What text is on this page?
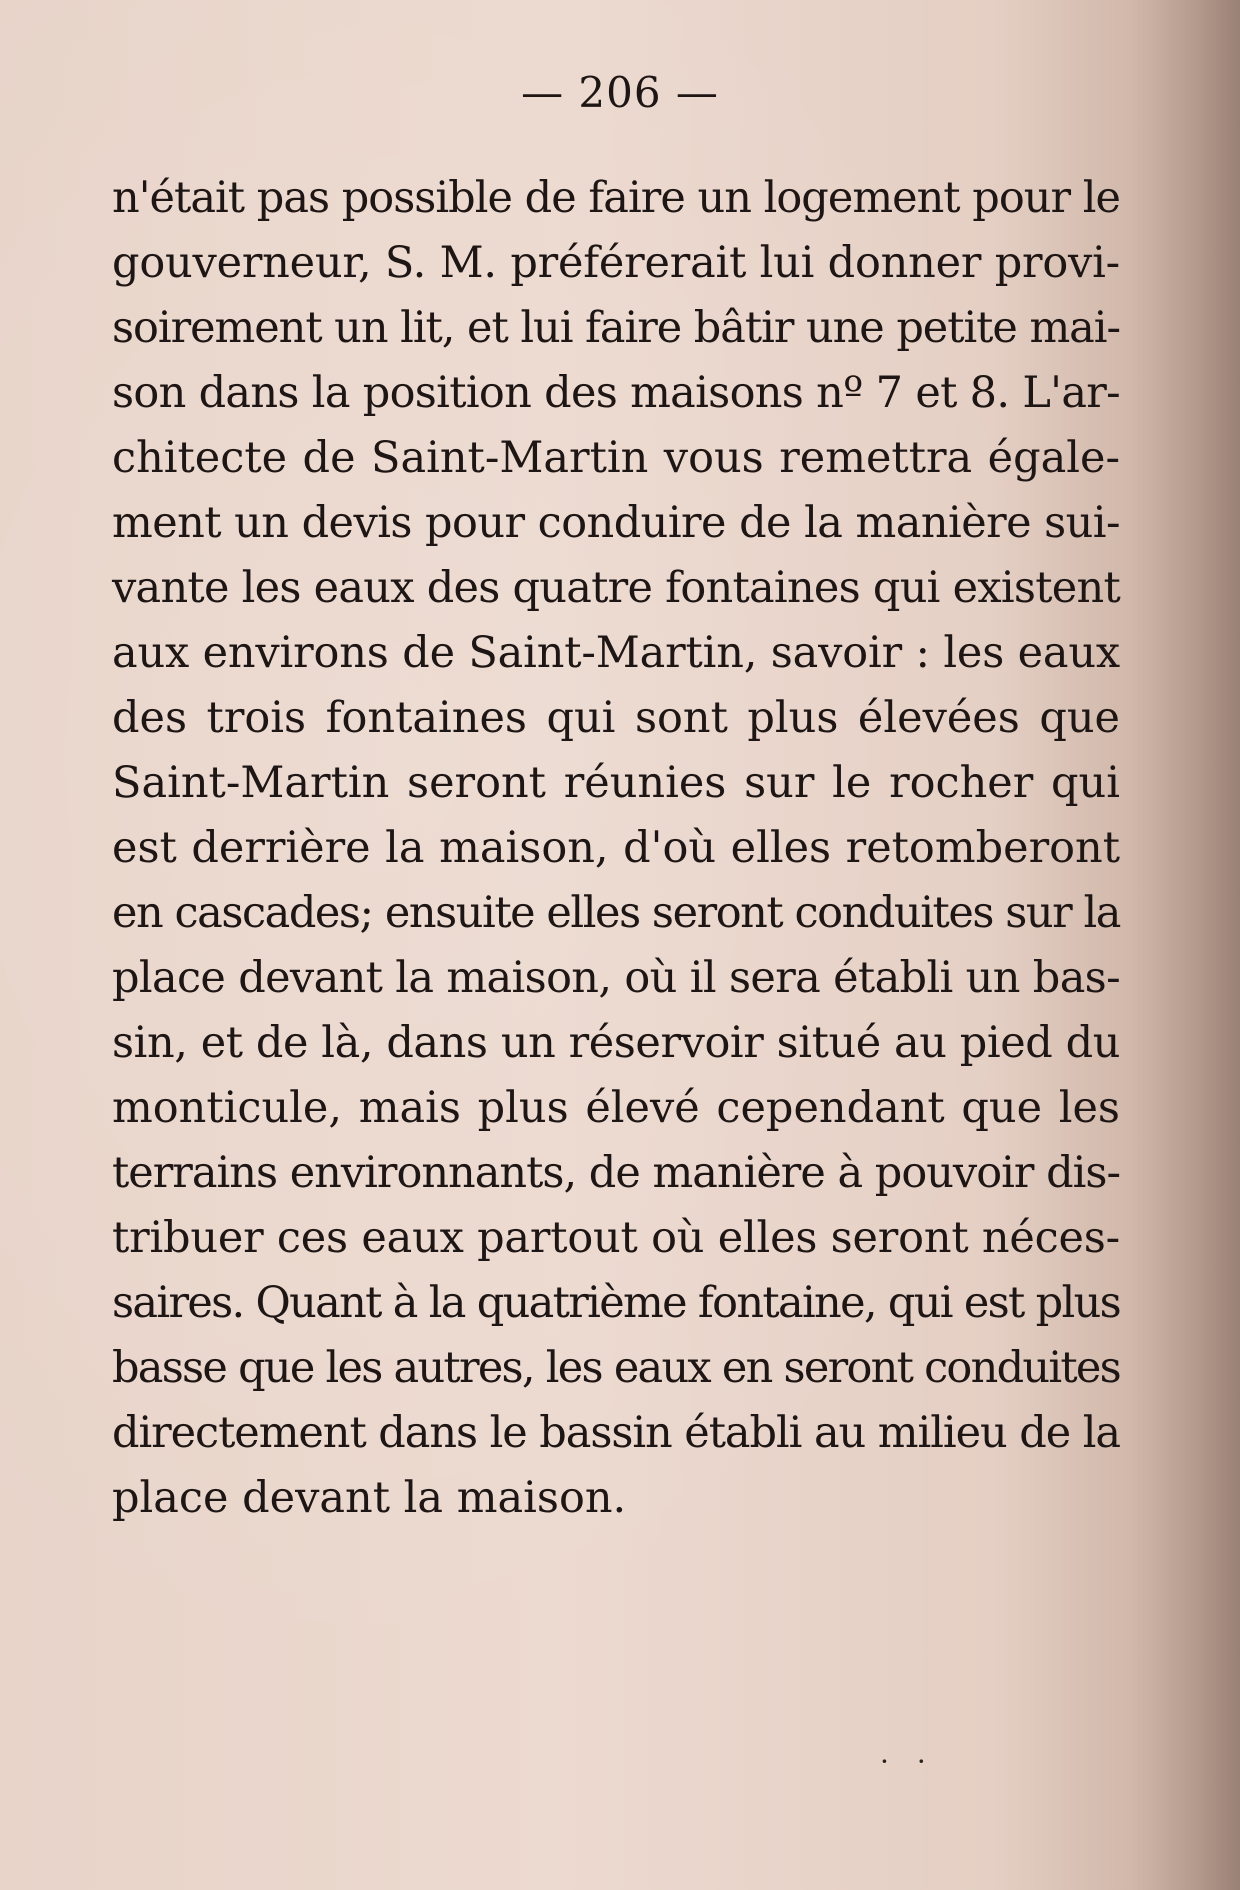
— 206 —
n'était pas possible de faire un logement pour le
gouverneur, S. M. préférerait lui donner provi-
soirement un lit, et lui faire bâtir une petite mai-
son dans la position des maisons nº 7 et 8. L'ar-
chitecte de Saint-Martin vous remettra égale-
ment un devis pour conduire de la manière sui-
vante les eaux des quatre fontaines qui existent
aux environs de Saint-Martin, savoir : les eaux
des trois fontaines qui sont plus élevées que
Saint-Martin seront réunies sur le rocher qui
est derrière la maison, d'où elles retomberont
en cascades; ensuite elles seront conduites sur la
place devant la maison, où il sera établi un bas-
sin, et de là, dans un réservoir situé au pied du
monticule, mais plus élevé cependant que les
terrains environnants, de manière à pouvoir dis-
tribuer ces eaux partout où elles seront néces-
saires. Quant à la quatrième fontaine, qui est plus
basse que les autres, les eaux en seront conduites
directement dans le bassin établi au milieu de la
place devant la maison.
··
